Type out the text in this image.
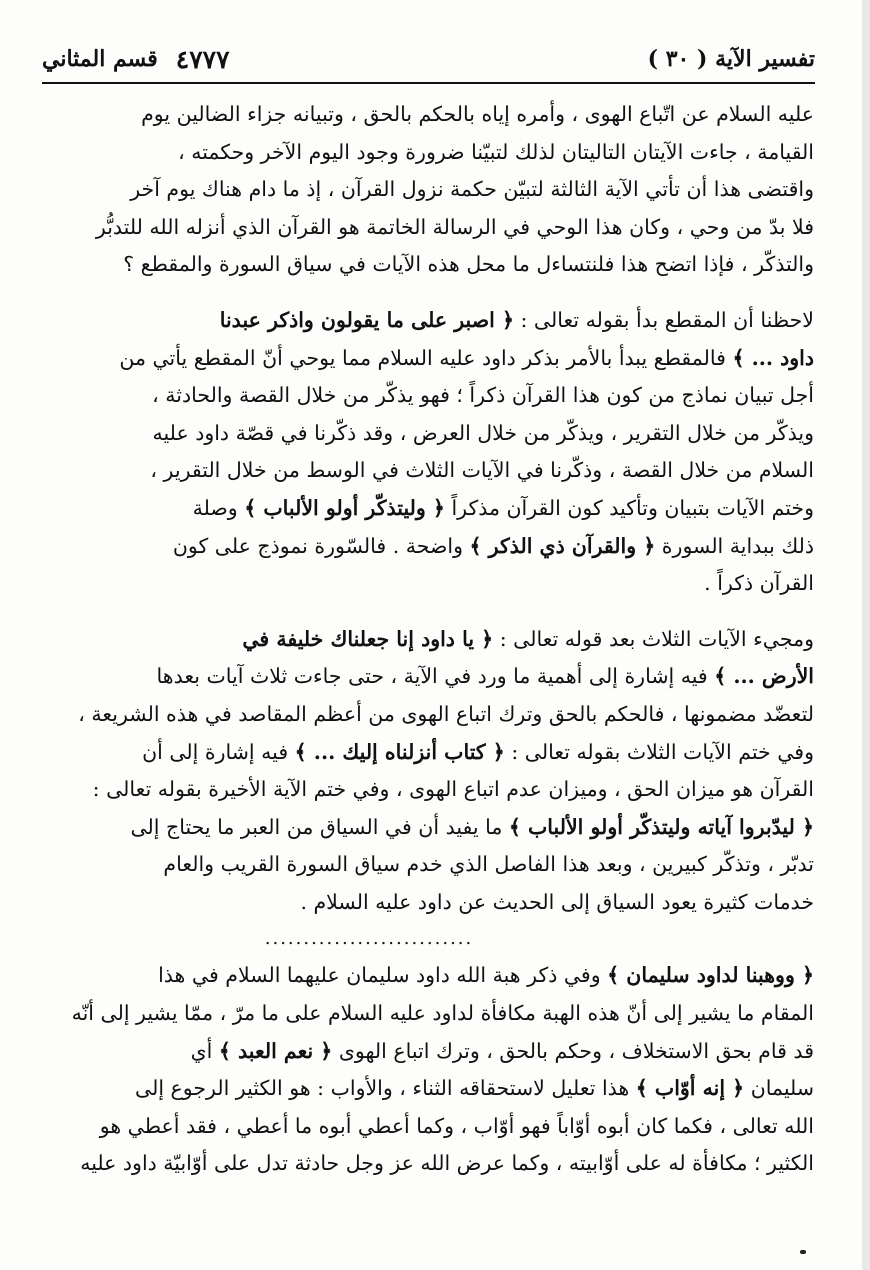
٤٧٧٧
قسم المثاني	تفسير الآية ( ٣٠ )
عليه السلام عن اتّباع الهوى ، وأمره إياه بالحكم بالحق ، وتبيانه جزاء الضالين يوم
القيامة ، جاءت الآيتان التاليتان لذلك لتبيّنا ضرورة وجود اليوم الآخر وحكمته ،
واقتضى هذا أن تأتي الآية الثالثة لتبيّن حكمة نزول القرآن ، إذ ما دام هناك يوم آخر
فلا بدّ من وحي ، وكان هذا الوحي في الرسالة الخاتمة هو القرآن الذي أنزله الله للتدبُّر
والتذكّر ، فإذا اتضح هذا فلنتساءل ما محل هذه الآيات في سياق السورة والمقطع ؟
لاحظنا أن المقطع بدأ بقوله تعالى : ﴿ اصبر على ما يقولون واذكر عبدنا
داود ... ﴾ فالمقطع يبدأ بالأمر بذكر داود عليه السلام مما يوحي أنّ المقطع يأتي من
أجل تبيان نماذج من كون هذا القرآن ذكراً ؛ فهو يذكّر من خلال القصة والحادثة ،
ويذكّر من خلال التقرير ، ويذكّر من خلال العرض ، وقد ذكّرنا في قصّة داود عليه
السلام من خلال القصة ، وذكّرنا في الآيات الثلاث في الوسط من خلال التقرير ،
وختم الآيات بتبيان وتأكيد كون القرآن مذكراً ﴿ وليتذكّر أولو الألباب ﴾ وصلة
ذلك ببداية السورة ﴿ والقرآن ذي الذكر ﴾ واضحة . فالسّورة نموذج على كون
القرآن ذكراً .
ومجيء الآيات الثلاث بعد قوله تعالى : ﴿ يا داود إنا جعلناك خليفة في
الأرض ... ﴾ فيه إشارة إلى أهمية ما ورد في الآية ، حتى جاءت ثلاث آيات بعدها
لتعضّد مضمونها ، فالحكم بالحق وترك اتباع الهوى من أعظم المقاصد في هذه الشريعة ،
وفي ختم الآيات الثلاث بقوله تعالى : ﴿ كتاب أنزلناه إليك ... ﴾ فيه إشارة إلى أن
القرآن هو ميزان الحق ، وميزان عدم اتباع الهوى ، وفي ختم الآية الأخيرة بقوله تعالى :
﴿ ليدّبروا آياته وليتذكّر أولو الألباب ﴾ ما يفيد أن في السياق من العبر ما يحتاج إلى
تدبّر ، وتذكّر كبيرين ، وبعد هذا الفاصل الذي خدم سياق السورة القريب والعام
خدمات كثيرة يعود السياق إلى الحديث عن داود عليه السلام .
...........................
﴿ ووهبنا لداود سليمان ﴾ وفي ذكر هبة الله داود سليمان عليهما السلام في هذا
المقام ما يشير إلى أنّ هذه الهبة مكافأة لداود عليه السلام على ما مرّ ، ممّا يشير إلى أنّه
قد قام بحق الاستخلاف ، وحكم بالحق ، وترك اتباع الهوى ﴿ نعم العبد ﴾ أي
سليمان ﴿ إنه أوّاب ﴾ هذا تعليل لاستحقاقه الثناء ، والأواب : هو الكثير الرجوع إلى
الله تعالى ، فكما كان أبوه أوّاباً فهو أوّاب ، وكما أعطي أبوه ما أعطي ، فقد أعطي هو
الكثير ؛ مكافأة له على أوّابيته ، وكما عرض الله عز وجل حادثة تدل على أوّابيّة داود عليه
